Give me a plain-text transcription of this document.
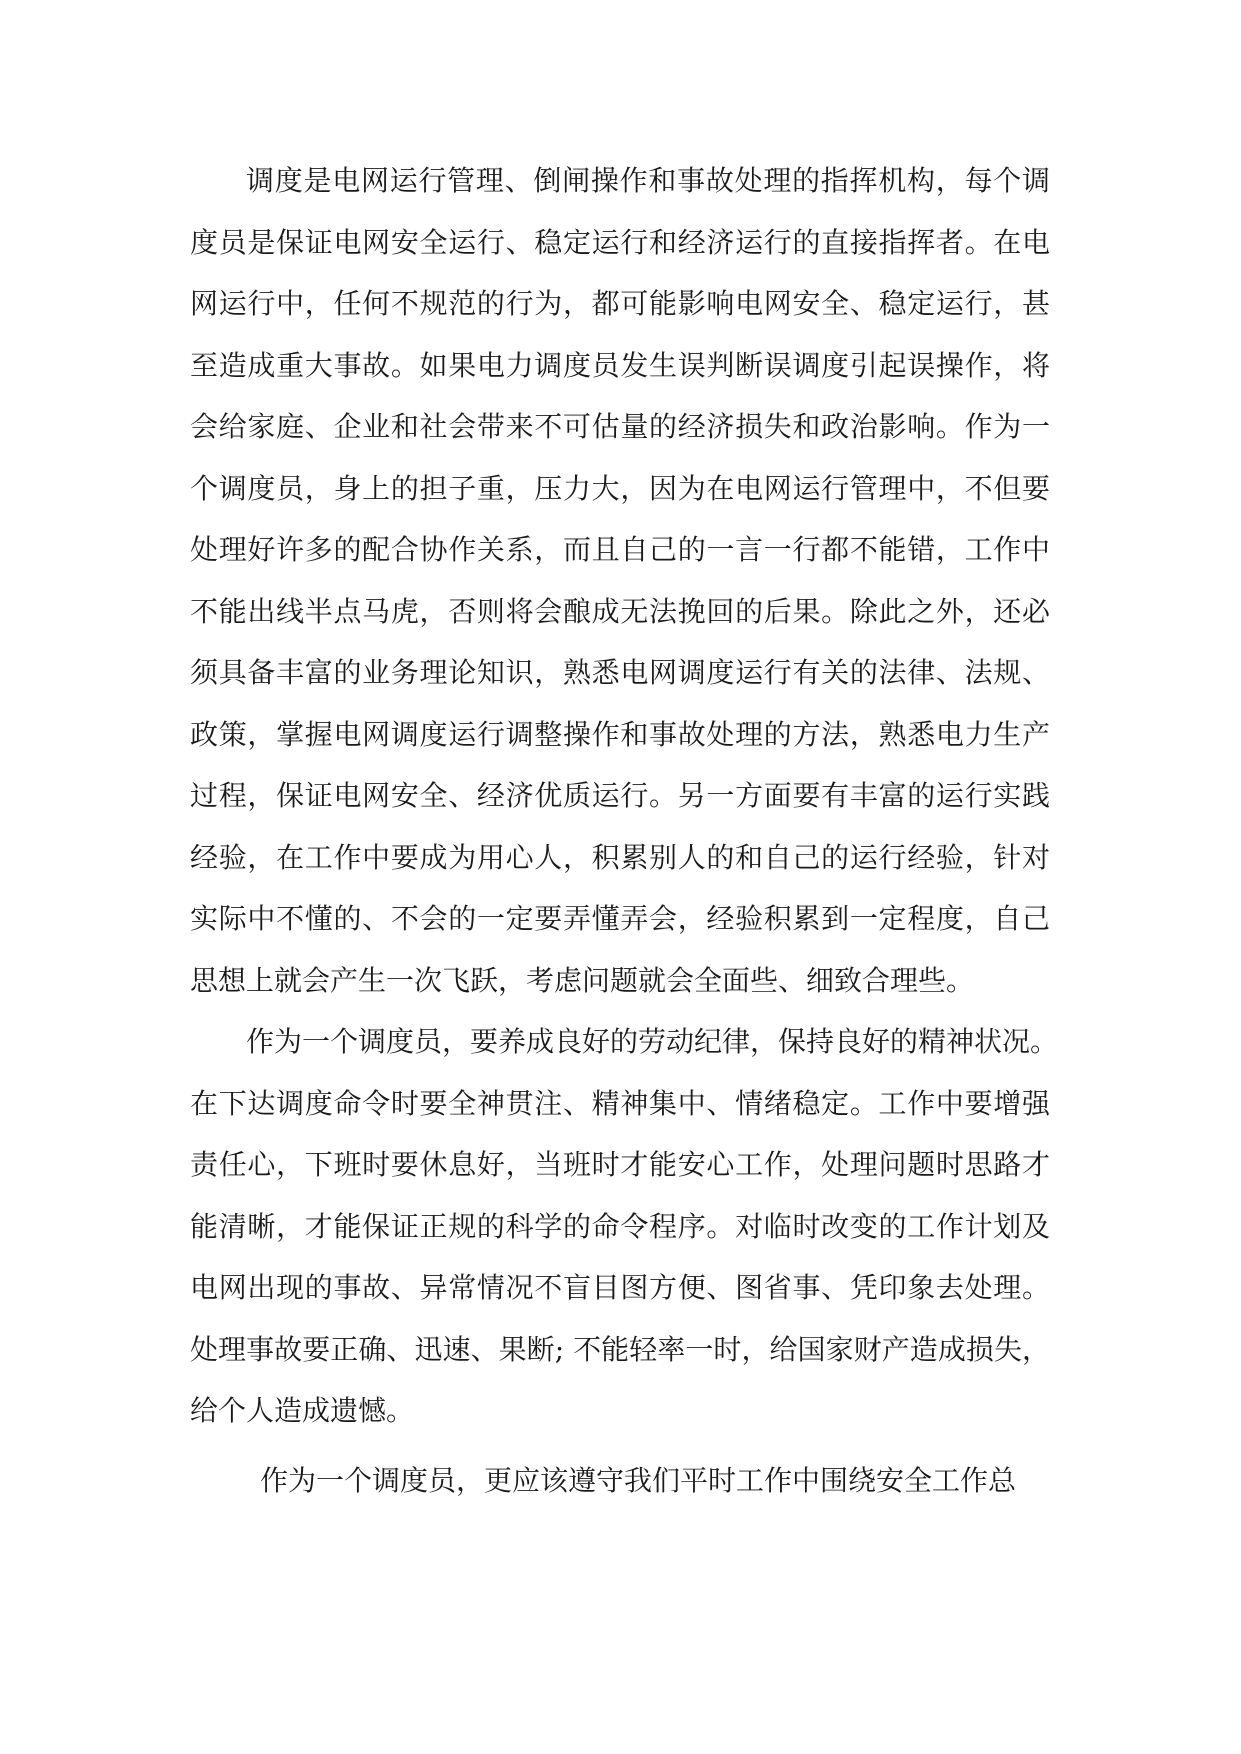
调度是电网运行管理、倒闸操作和事故处理的指挥机构，每个调
度员是保证电网安全运行、稳定运行和经济运行的直接指挥者。在电
网运行中，任何不规范的行为，都可能影响电网安全、稳定运行，甚
至造成重大事故。如果电力调度员发生误判断误调度引起误操作，将
会给家庭、企业和社会带来不可估量的经济损失和政治影响。作为一
个调度员，身上的担子重，压力大，因为在电网运行管理中，不但要
处理好许多的配合协作关系，而且自己的一言一行都不能错，工作中
不能出线半点马虎，否则将会酿成无法挽回的后果。除此之外，还必
须具备丰富的业务理论知识，熟悉电网调度运行有关的法律、法规、
政策，掌握电网调度运行调整操作和事故处理的方法，熟悉电力生产
过程，保证电网安全、经济优质运行。另一方面要有丰富的运行实践
经验，在工作中要成为用心人，积累别人的和自己的运行经验，针对
实际中不懂的、不会的一定要弄懂弄会，经验积累到一定程度，自己
思想上就会产生一次飞跃，考虑问题就会全面些、细致合理些。
作为一个调度员，要养成良好的劳动纪律，保持良好的精神状况。
在下达调度命令时要全神贯注、精神集中、情绪稳定。工作中要增强
责任心，下班时要休息好，当班时才能安心工作，处理问题时思路才
能清晰，才能保证正规的科学的命令程序。对临时改变的工作计划及
电网出现的事故、异常情况不盲目图方便、图省事、凭印象去处理。
处理事故要正确、迅速、果断; 不能轻率一时，给国家财产造成损失，
给个人造成遗憾。
作为一个调度员，更应该遵守我们平时工作中围绕安全工作总
